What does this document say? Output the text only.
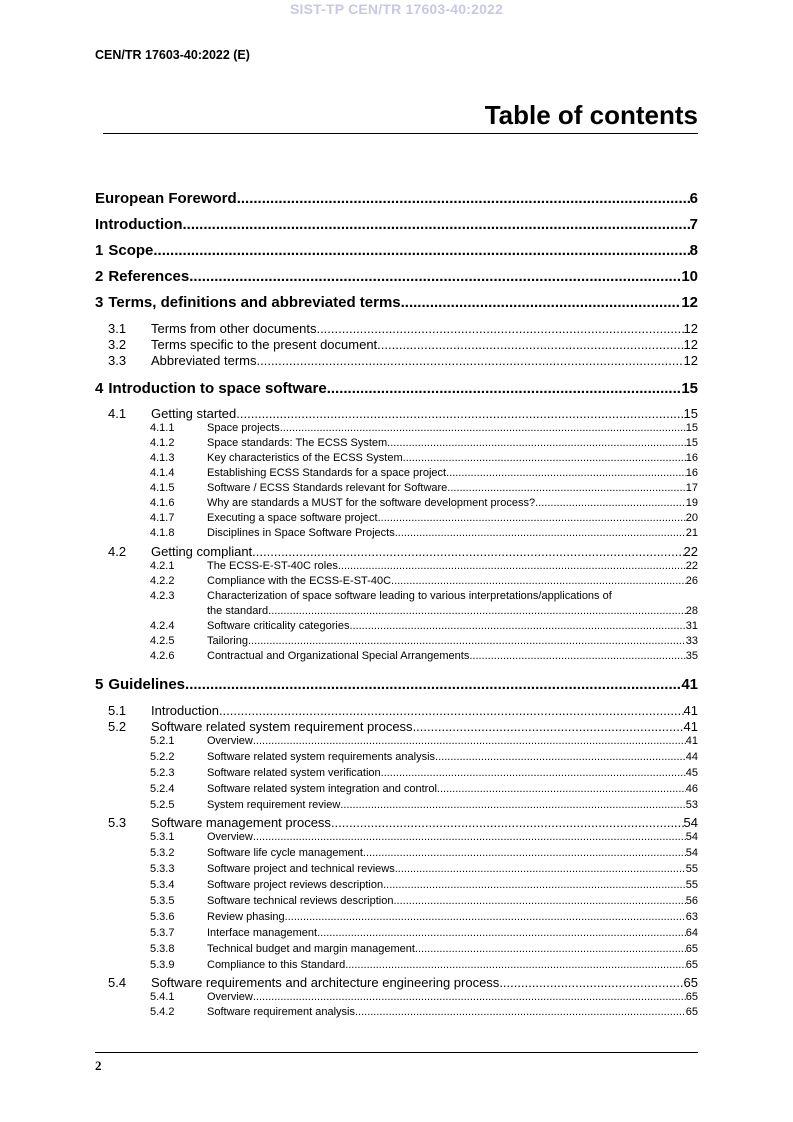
SIST-TP CEN/TR 17603-40:2022
CEN/TR 17603-40:2022 (E)
Table of contents
European Foreword .....	6
Introduction .....	7
1 Scope .....	8
2 References .....	10
3 Terms, definitions and abbreviated terms .....	12
3.1	Terms from other documents .....	12
3.2	Terms specific to the present document .....	12
3.3	Abbreviated terms .....	12
4 Introduction to space software .....	15
4.1	Getting started .....	15
4.1.1	Space projects .....	15
4.1.2	Space standards: The ECSS System .....	15
4.1.3	Key characteristics of the ECSS System .....	16
4.1.4	Establishing ECSS Standards for a space project .....	16
4.1.5	Software / ECSS Standards relevant for Software .....	17
4.1.6	Why are standards a MUST for the software development process? .....	19
4.1.7	Executing a space software project .....	20
4.1.8	Disciplines in Space Software Projects .....	21
4.2	Getting compliant .....	22
4.2.1	The ECSS-E-ST-40C roles .....	22
4.2.2	Compliance with the ECSS-E-ST-40C .....	26
4.2.3	Characterization of space software leading to various interpretations/applications of
the standard .....	28
4.2.4	Software criticality categories .....	31
4.2.5	Tailoring .....	33
4.2.6	Contractual and Organizational Special Arrangements .....	35
5 Guidelines .....	41
5.1	Introduction .....	41
5.2	Software related system requirement process .....	41
5.2.1	Overview .....	41
5.2.2	Software related system requirements analysis .....	44
5.2.3	Software related system verification .....	45
5.2.4	Software related system integration and control .....	46
5.2.5	System requirement review .....	53
5.3	Software management process .....	54
5.3.1	Overview .....	54
5.3.2	Software life cycle management .....	54
5.3.3	Software project and technical reviews .....	55
5.3.4	Software project reviews description .....	55
5.3.5	Software technical reviews description .....	56
5.3.6	Review phasing .....	63
5.3.7	Interface management .....	64
5.3.8	Technical budget and margin management .....	65
5.3.9	Compliance to this Standard .....	65
5.4	Software requirements and architecture engineering process .....	65
5.4.1	Overview .....	65
5.4.2	Software requirement analysis .....	65
2
